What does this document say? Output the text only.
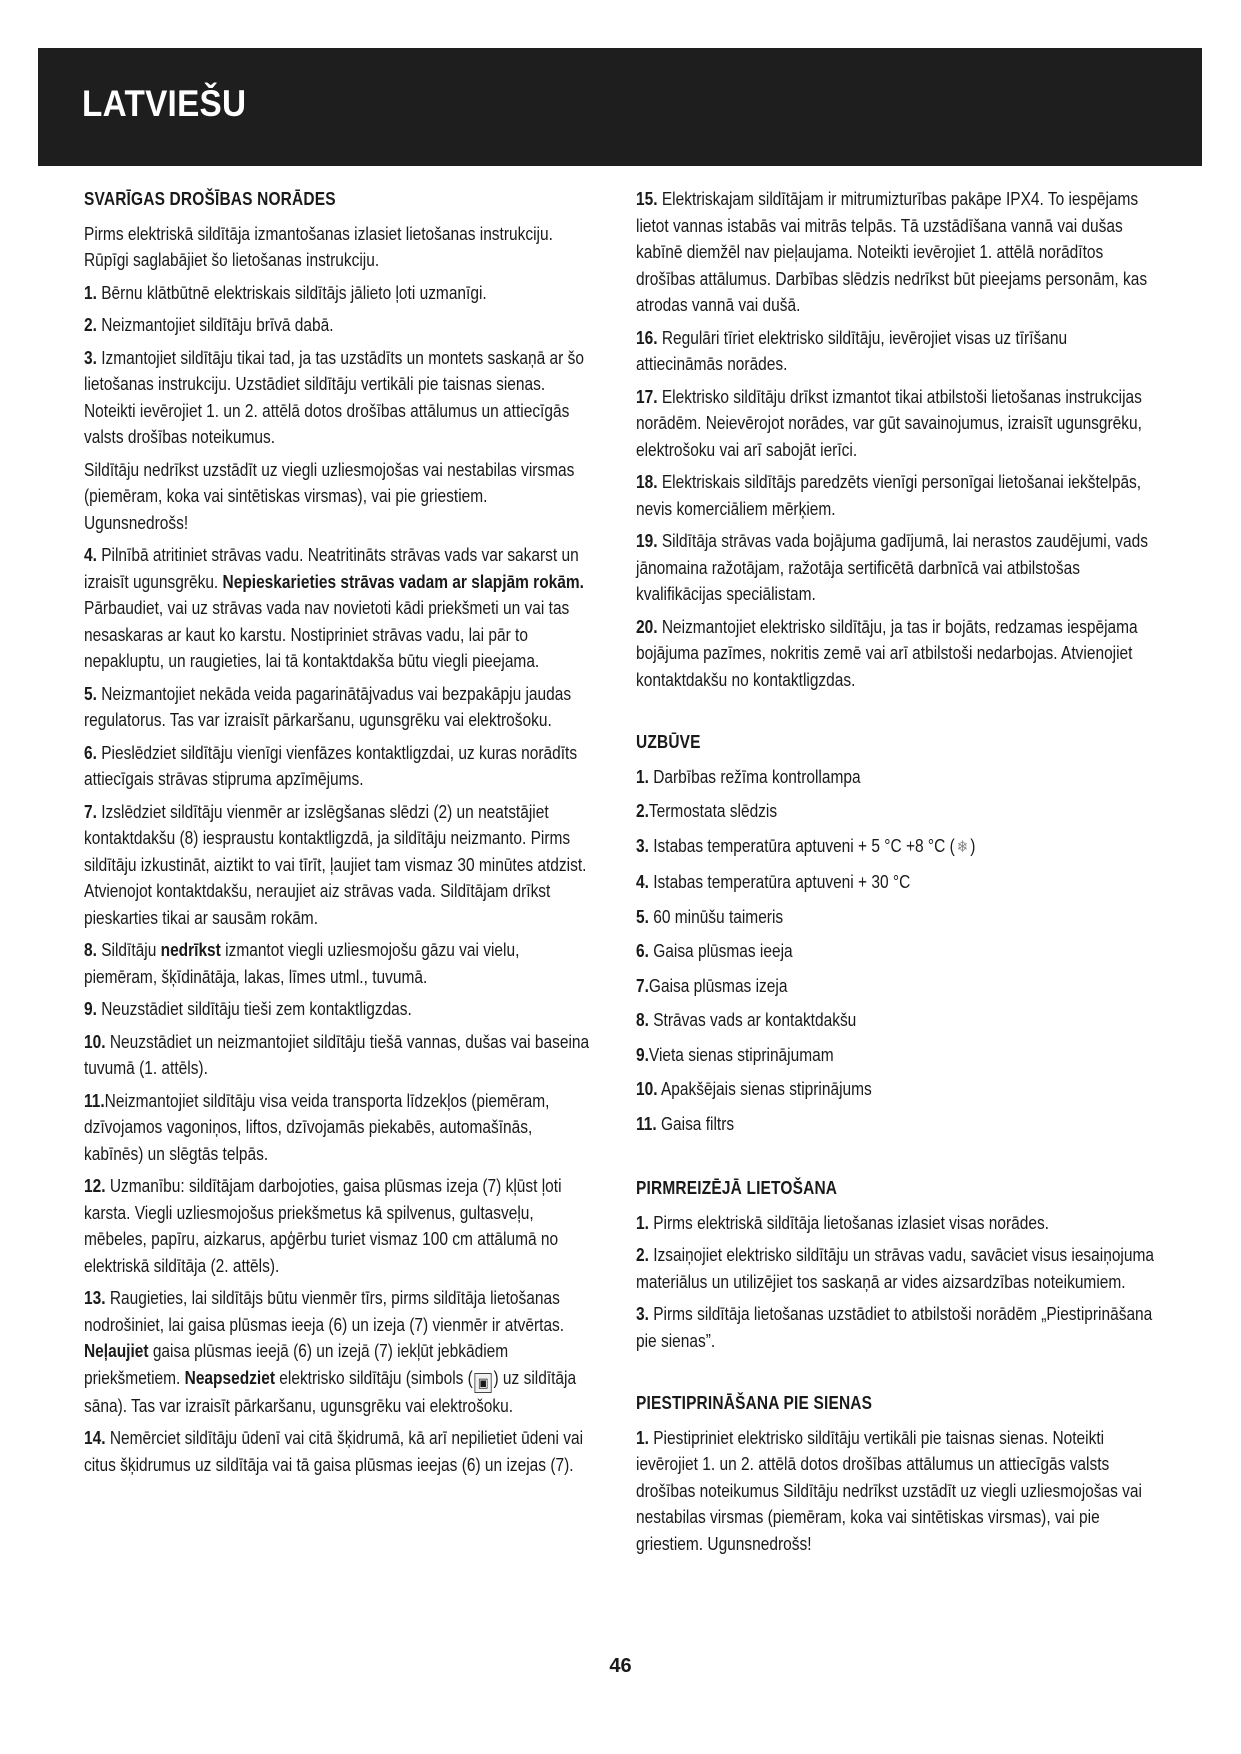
LATVIEŠU
SVARĪGAS DROŠĪBAS NORĀDES

Pirms elektriskā sildītāja izmantošanas izlasiet lietošanas instrukciju. Rūpīgi saglabājiet šo lietošanas instrukciju.

1. Bērnu klātbūtnē elektriskais sildītājs jālieto ļoti uzmanīgi.

2. Neizmantojiet sildītāju brīvā dabā.

3. Izmantojiet sildītāju tikai tad, ja tas uzstādīts un montets saskaņā ar šo lietošanas instrukciju. Uzstādiet sildītāju vertikāli pie taisnas sienas. Noteikti ievērojiet 1. un 2. attēlā dotos drošības attālumus un attiecīgās valsts drošības noteikumus.

Sildītāju nedrīkst uzstādīt uz viegli uzliesmojošas vai nestabilas virsmas (piemēram, koka vai sintētiskas virsmas), vai pie griestiem. Ugunsnedrošs!

4. Pilnībā atritiniet strāvas vadu. Neatritināts strāvas vads var sakarst un izraisīt ugunsgrēku. Nepieskarieties strāvas vadam ar slapjām rokām. Pārbaudiet, vai uz strāvas vada nav novietoti kādi priekšmeti un vai tas nesaskaras ar kaut ko karstu. Nostipriniet strāvas vadu, lai pār to nepakluptu, un raugieties, lai tā kontaktdakša būtu viegli pieejama.

5. Neizmantojiet nekāda veida pagarinātājvadus vai bezpakāpju jaudas regulatorus. Tas var izraisīt pārkaršanu, ugunsgrēku vai elektrošoku.

6. Pieslēdziet sildītāju vienīgi vienfāzes kontaktligzdai, uz kuras norādīts attiecīgais strāvas stipruma apzīmējums.

7. Izslēdziet sildītāju vienmēr ar izslēgšanas slēdzi (2) un neatstājiet kontaktdakšu (8) iespraustu kontaktligzdā, ja sildītāju neizmanto. Pirms sildītāju izkustināt, aiztikt to vai tīrīt, ļaujiet tam vismaz 30 minūtes atdzist. Atvienojot kontaktdakšu, neraujiet aiz strāvas vada. Sildītājam drīkst pieskarties tikai ar sausām rokām.

8. Sildītāju nedrīkst izmantot viegli uzliesmojošu gāzu vai vielu, piemēram, šķīdinātāja, lakas, līmes utml., tuvumā.

9. Neuzstādiet sildītāju tieši zem kontaktligzdas.

10. Neuzstādiet un neizmantojiet sildītāju tiešā vannas, dušas vai baseina tuvumā (1. attēls).

11.Neizmantojiet sildītāju visa veida transporta līdzekļos (piemēram, dzīvojamos vagoniņos, liftos, dzīvojamās piekabēs, automašīnās, kabīnēs) un slēgtās telpās.

12. Uzmanību: sildītājam darbojoties, gaisa plūsmas izeja (7) kļūst ļoti karsta. Viegli uzliesmojošus priekšmetus kā spilvenus, gultasveļu, mēbeles, papīru, aizkarus, apģērbu turiet vismaz 100 cm attālumā no elektriskā sildītāja (2. attēls).

13. Raugieties, lai sildītājs būtu vienmēr tīrs, pirms sildītāja lietošanas nodrošiniet, lai gaisa plūsmas ieeja (6) un izeja (7) vienmēr ir atvērtas. Neļaujiet gaisa plūsmas ieejā (6) un izejā (7) iekļūt jebkādiem priekšmetiem. Neapsedziet elektrisko sildītāju (simbols ( ▣ ) uz sildītāja sāna). Tas var izraisīt pārkaršanu, ugunsgrēku vai elektrošoku.

14. Nemērciet sildītāju ūdenī vai citā šķidrumā, kā arī nepilietiet ūdeni vai citus šķidrumus uz sildītāja vai tā gaisa plūsmas ieejas (6) un izejas (7).

15. Elektriskajam sildītājam ir mitrumizturības pakāpe IPX4. To iespējams lietot vannas istabās vai mitrās telpās. Tā uzstādīšana vannā vai dušas kabīnē diemžēl nav pieļaujama. Noteikti ievērojiet 1. attēlā norādītos drošības attālumus. Darbības slēdzis nedrīkst būt pieejams personām, kas atrodas vannā vai dušā.

16. Regulāri tīriet elektrisko sildītāju, ievērojiet visas uz tīrīšanu attiecināmās norādes.

17. Elektrisko sildītāju drīkst izmantot tikai atbilstoši lietošanas instrukcijas norādēm. Neievērojot norādes, var gūt savainojumus, izraisīt ugunsgrēku, elektrošoku vai arī sabojāt ierīci.

18. Elektriskais sildītājs paredzēts vienīgi personīgai lietošanai iekštelpās, nevis komerciāliem mērķiem.

19. Sildītāja strāvas vada bojājuma gadījumā, lai nerastos zaudējumi, vads jānomaina ražotājam, ražotāja sertificētā darbnīcā vai atbilstošas kvalifikācijas speciālistam.

20. Neizmantojiet elektrisko sildītāju, ja tas ir bojāts, redzamas iespējama bojājuma pazīmes, nokritis zemē vai arī atbilstoši nedarbojas. Atvienojiet kontaktdakšu no kontaktligzdas.

UZBŪVE
1. Darbības režīma kontrollampa
2.Termostata slēdzis
3. Istabas temperatūra aptuveni + 5 °C +8 °C ( ❄ )
4. Istabas temperatūra aptuveni + 30 °C
5. 60 minūšu taimeris
6. Gaisa plūsmas ieeja
7.Gaisa plūsmas izeja
8. Strāvas vads ar kontaktdakšu
9.Vieta sienas stiprinājumam
10. Apakšējais sienas stiprinājums
11. Gaisa filtrs
PIRMREIZĒJĀ LIETOŠANA

1. Pirms elektriskā sildītāja lietošanas izlasiet visas norādes.

2. Izsaiņojiet elektrisko sildītāju un strāvas vadu, savāciet visus iesaiņojuma materiālus un utilizējiet tos saskaņā ar vides aizsardzības noteikumiem.

3. Pirms sildītāja lietošanas uzstādiet to atbilstoši norādēm „Piestiprināšana pie sienas”.

PIESTIPRINĀŠANA PIE SIENAS

1. Piestipriniet elektrisko sildītāju vertikāli pie taisnas sienas. Noteikti ievērojiet 1. un 2. attēlā dotos drošības attālumus un attiecīgās valsts drošības noteikumus Sildītāju nedrīkst uzstādīt uz viegli uzliesmojošas vai nestabilas virsmas (piemēram, koka vai sintētiskas virsmas), vai pie griestiem. Ugunsnedrošs!

46
